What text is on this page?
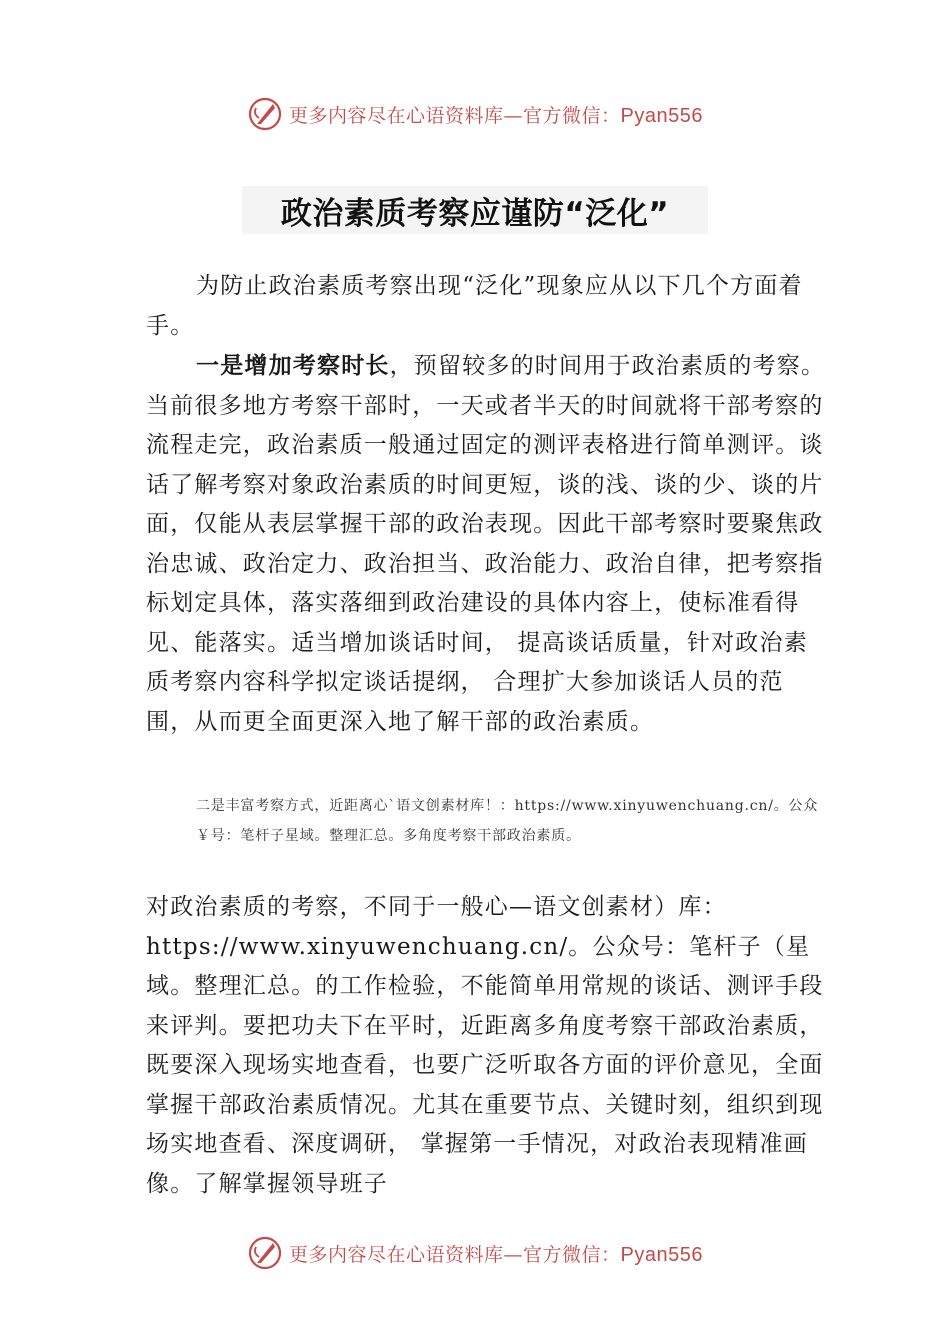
更多内容尽在心语资料库—官方微信：Pyan556
政治素质考察应谨防“泛化”

为防止政治素质考察出现“泛化”现象应从以下几个方面着手。

一是增加考察时长，预留较多的时间用于政治素质的考察。当前很多地方考察干部时，一天或者半天的时间就将干部考察的流程走完，政治素质一般通过固定的测评表格进行简单测评。谈话了解考察对象政治素质的时间更短，谈的浅、谈的少、谈的片面，仅能从表层掌握干部的政治表现。因此干部考察时要聚焦政治忠诚、政治定力、政治担当、政治能力、政治自律，把考察指标划定具体，落实落细到政治建设的具体内容上，使标准看得见、能落实。适当增加谈话时间， 提高谈话质量，针对政治素质考察内容科学拟定谈话提纲， 合理扩大参加谈话人员的范围，从而更全面更深入地了解干部的政治素质。

二是丰富考察方式，近距离心`语文创素材库！：https://www.xinyuwenchuang.cn/。公众￥号：笔杆子星域。整理汇总。多角度考察干部政治素质。

对政治素质的考察，不同于一般心—语文创素材）库：https://www.xinyuwenchuang.cn/。公众号：笔杆子（星域。整理汇总。的工作检验，不能简单用常规的谈话、测评手段来评判。要把功夫下在平时，近距离多角度考察干部政治素质，既要深入现场实地查看，也要广泛听取各方面的评价意见，全面掌握干部政治素质情况。尤其在重要节点、关键时刻，组织到现场实地查看、深度调研， 掌握第一手情况，对政治表现精准画像。了解掌握领导班子

更多内容尽在心语资料库—官方微信：Pyan556
